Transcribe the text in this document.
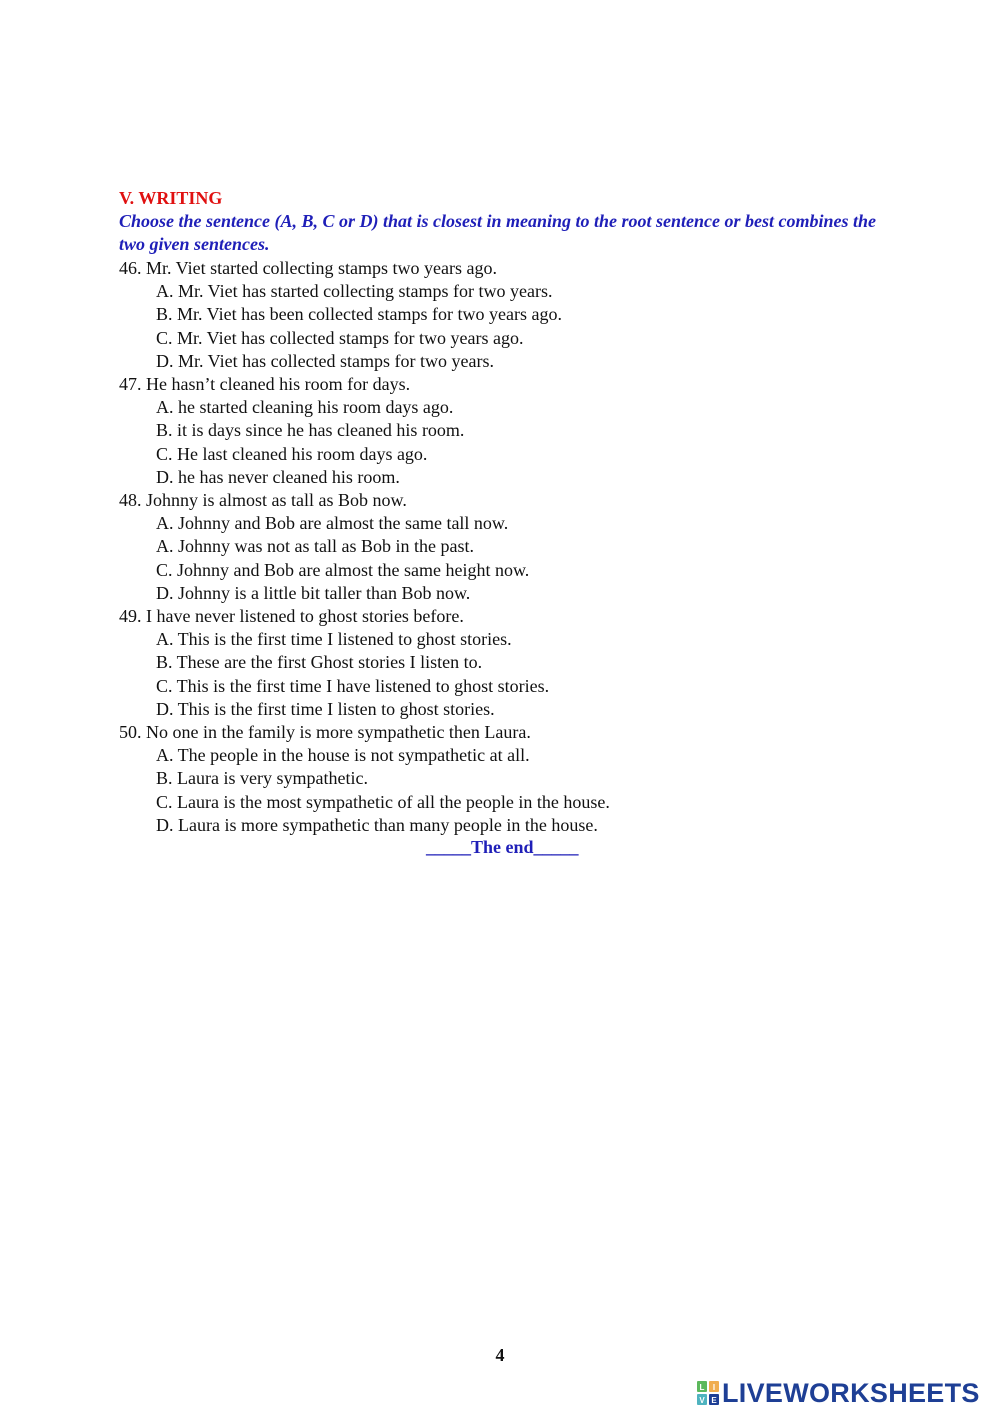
V. WRITING
Choose the sentence (A, B, C or D) that is closest in meaning to the root sentence or best combines the two given sentences.

46. Mr. Viet started collecting stamps two years ago.

A. Mr. Viet has started collecting stamps for two years.

B. Mr. Viet has been collected stamps for two years ago.

C. Mr. Viet has collected stamps for two years ago.

D. Mr. Viet has collected stamps for two years.

47. He hasn’t cleaned his room for days.

A. he started cleaning his room days ago.

B. it is days since he has cleaned his room.

C. He last cleaned his room days ago.

D. he has never cleaned his room.

48. Johnny is almost as tall as Bob now.

A. Johnny and Bob are almost the same tall now.

A. Johnny was not as tall as Bob in the past.

C. Johnny and Bob are almost the same height now.

D. Johnny is a little bit taller than Bob now.

49. I have never listened to ghost stories before.

A. This is the first time I listened to ghost stories.

B. These are the first Ghost stories I listen to.

C. This is the first time I have listened to ghost stories.

D. This is the first time I listen to ghost stories.

50. No one in the family is more sympathetic then Laura.

A. The people in the house is not sympathetic at all.

B. Laura is very sympathetic.

C. Laura is the most sympathetic of all the people in the house.

D. Laura is more sympathetic than many people in the house.

_____The end_____
4
L I
V E LIVEWORKSHEETS
